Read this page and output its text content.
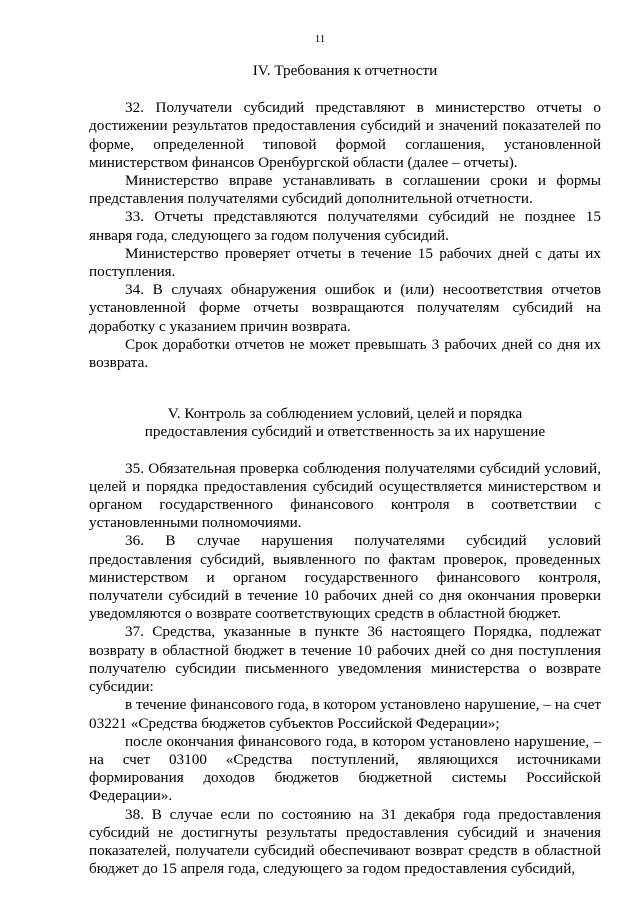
11

IV. Требования к отчетности

32. Получатели субсидий представляют в министерство отчеты о достижении результатов предоставления субсидий и значений показателей по форме, определенной типовой формой соглашения, установленной министерством финансов Оренбургской области (далее – отчеты).

Министерство вправе устанавливать в соглашении сроки и формы представления получателями субсидий дополнительной отчетности.

33. Отчеты представляются получателями субсидий не позднее 15 января года, следующего за годом получения субсидий.

Министерство проверяет отчеты в течение 15 рабочих дней с даты их поступления.

34. В случаях обнаружения ошибок и (или) несоответствия отчетов установленной форме отчеты возвращаются получателям субсидий на доработку с указанием причин возврата.

Срок доработки отчетов не может превышать 3 рабочих дней со дня их возврата.

V. Контроль за соблюдением условий, целей и порядка
предоставления субсидий и ответственность за их нарушение

35. Обязательная проверка соблюдения получателями субсидий условий, целей и порядка предоставления субсидий осуществляется министерством и органом государственного финансового контроля в соответствии с установленными полномочиями.

36. В случае нарушения получателями субсидий условий предоставления субсидий, выявленного по фактам проверок, проведенных министерством и органом государственного финансового контроля, получатели субсидий в течение 10 рабочих дней со дня окончания проверки уведомляются о возврате соответствующих средств в областной бюджет.

37. Средства, указанные в пункте 36 настоящего Порядка, подлежат возврату в областной бюджет в течение 10 рабочих дней со дня поступления получателю субсидии письменного уведомления министерства о возврате субсидии:

в течение финансового года, в котором установлено нарушение, – на счет 03221 «Средства бюджетов субъектов Российской Федерации»;

после окончания финансового года, в котором установлено нарушение, – на счет 03100 «Средства поступлений, являющихся источниками формирования доходов бюджетов бюджетной системы Российской Федерации».

38. В случае если по состоянию на 31 декабря года предоставления субсидий не достигнуты результаты предоставления субсидий и значения показателей, получатели субсидий обеспечивают возврат средств в областной бюджет до 15 апреля года, следующего за годом предоставления субсидий,
